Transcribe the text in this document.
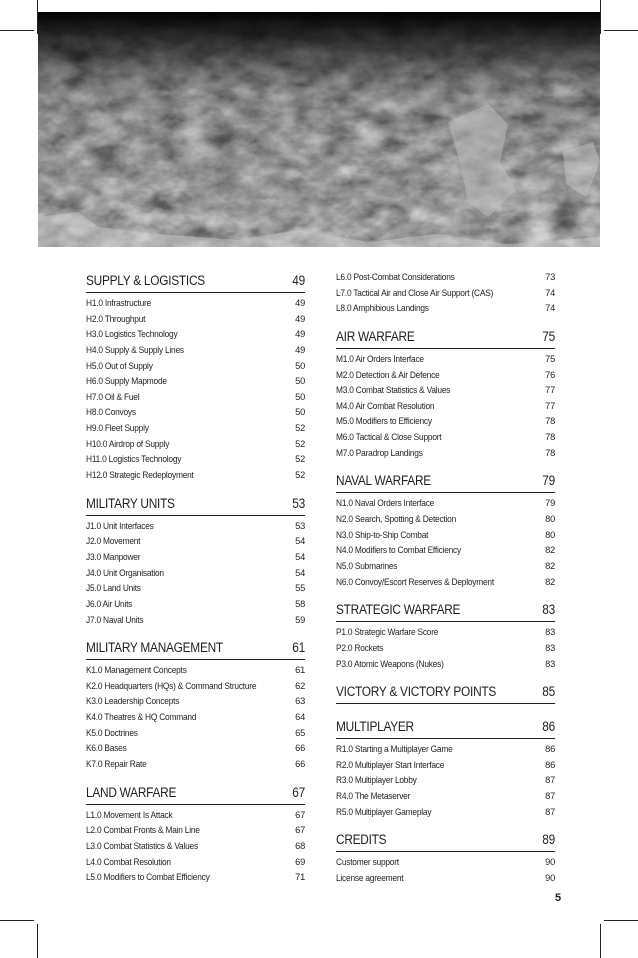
SUPPLY & LOGISTICS	49
H1.0 Infrastructure	49
H2.0 Throughput	49
H3.0 Logistics Technology	49
H4.0 Supply & Supply Lines	49
H5.0 Out of Supply	50
H6.0 Supply Mapmode	50
H7.0 Oil & Fuel	50
H8.0 Convoys	50
H9.0 Fleet Supply	52
H10.0 Airdrop of Supply	52
H11.0 Logistics Technology	52
H12.0 Strategic Redeployment	52
MILITARY UNITS	53
J1.0 Unit Interfaces	53
J2.0 Movement	54
J3.0 Manpower	54
J4.0 Unit Organisation	54
J5.0 Land Units	55
J6.0 Air Units	58
J7.0 Naval Units	59
MILITARY MANAGEMENT	61
K1.0 Management Concepts	61
K2.0 Headquarters (HQs) & Command Structure	62
K3.0 Leadership Concepts	63
K4.0 Theatres & HQ Command	64
K5.0 Doctrines	65
K6.0 Bases	66
K7.0 Repair Rate	66
LAND WARFARE	67
L1.0 Movement Is Attack	67
L2.0 Combat Fronts & Main Line	67
L3.0 Combat Statistics & Values	68
L4.0 Combat Resolution	69
L5.0 Modifiers to Combat Efficiency	71
L6.0 Post-Combat Considerations	73
L7.0 Tactical Air and Close Air Support (CAS)	74
L8.0 Amphibious Landings	74
AIR WARFARE	75
M1.0 Air Orders Interface	75
M2.0 Detection & Air Defence	76
M3.0 Combat Statistics & Values	77
M4.0 Air Combat Resolution	77
M5.0 Modifiers to Efficiency	78
M6.0 Tactical & Close Support	78
M7.0 Paradrop Landings	78
NAVAL WARFARE	79
N1.0 Naval Orders Interface	79
N2.0 Search, Spotting & Detection	80
N3.0 Ship-to-Ship Combat	80
N4.0 Modifiers to Combat Efficiency	82
N5.0 Submarines	82
N6.0 Convoy/Escort Reserves & Deployment	82
STRATEGIC WARFARE	83
P1.0 Strategic Warfare Score	83
P2.0 Rockets	83
P3.0 Atomic Weapons (Nukes)	83
VICTORY & VICTORY POINTS	85
MULTIPLAYER	86
R1.0 Starting a Multiplayer Game	86
R2.0 Multiplayer Start Interface	86
R3.0 Multiplayer Lobby	87
R4.0 The Metaserver	87
R5.0 Multiplayer Gameplay	87
CREDITS	89
Customer support	90
License agreement	90
5
